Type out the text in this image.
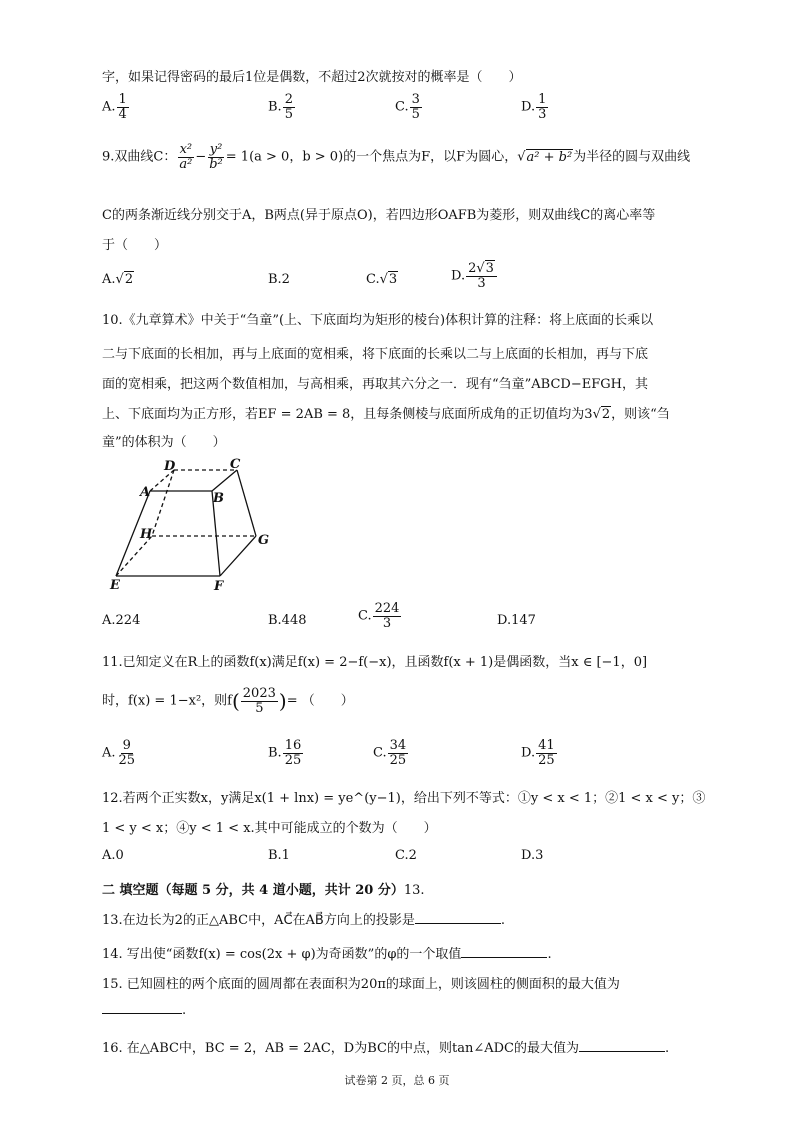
字，如果记得密码的最后1位是偶数，不超过2次就按对的概率是（　　）
A. $\frac{1}{4}$	B. $\frac{2}{5}$	C. $\frac{3}{5}$	D. $\frac{1}{3}$
9.双曲线C： $\frac{\text{x²}}{\text{a²}} - \frac{\text{y²}}{\text{b²}} = 1(a > 0$，b > 0)的一个焦点为F，以F为圆心，√a² + b²为半径的圆与双曲线
C的两条渐近线分别交于A，B两点(异于原点O)，若四边形OAFB为菱形，则双曲线C的离心率等
于（　　）
A.√2	B.2	C.√3	D. $\frac{2√3}{3}$
10.《九章算术》中关于“刍童”(上、下底面均为矩形的棱台)体积计算的注释：将上底面的长乘以
二与下底面的长相加，再与上底面的宽相乘，将下底面的长乘以二与上底面的长相加，再与下底
面的宽相乘，把这两个数值相加，与高相乘，再取其六分之一．现有“刍童”ABCD−EFGH，其
上、下底面均为正方形，若EF = 2AB = 8，且每条侧棱与底面所成角的正切值均为3√2，则该“刍
童”的体积为（　　）
D	C
A	B
H	G
E	F
A.224	B.448	C. $\frac{224}{3}$	D.147
11.已知定义在R上的函数f(x)满足f(x) = 2−f(−x)，且函数f(x + 1)是偶函数，当x ∈ [−1，0]
时，f(x) = 1−x²，则$f( \frac{2023}{5}$ )= （　　）
A. $\frac{9}{25}$	B. $\frac{16}{25}$	C. $\frac{34}{25}$	D. $\frac{41}{25}$
12.若两个正实数x，y满足x(1 + lnx) = ye^(y−1)，给出下列不等式：①y < x < 1；②1 < x < y；③
1 < y < x；④y < 1 < x.其中可能成立的个数为（　　）
A.0	B.1	C.2	D.3
二 填空题（每题 5 分，共 4 道小题，共计 20 分）13.
13.在边长为2的正△ABC中，AC⃗在AB⃗方向上的投影是	.
14. 写出使“函数f(x) = cos(2x + φ)为奇函数”的φ的一个取值	.
15. 已知圆柱的两个底面的圆周都在表面积为20π的球面上，则该圆柱的侧面积的最大值为
.
16. 在△ABC中，BC = 2，AB = 2AC，D为BC的中点，则tan∠ADC的最大值为	.
试卷第 2 页，总 6 页
